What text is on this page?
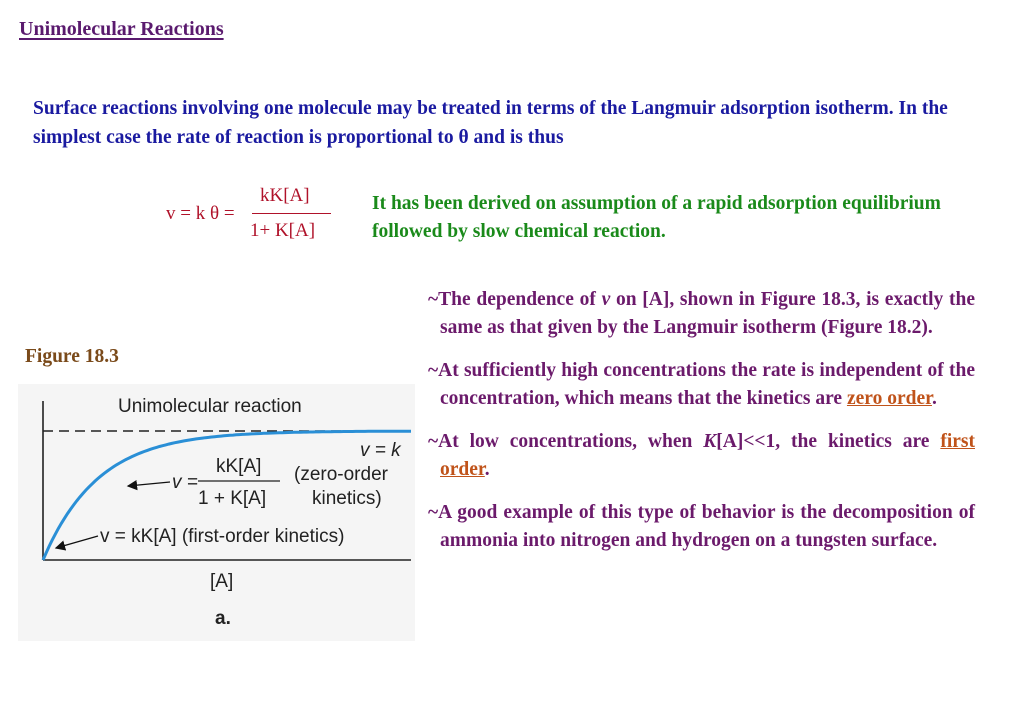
Unimolecular Reactions
Surface reactions involving one molecule may be treated in terms of the Langmuir adsorption isotherm. In the simplest case the rate of reaction is proportional to θ and is thus
v = k θ =
kK[A]
1+ K[A]
It has been derived on assumption of a rapid adsorption equilibrium followed by slow chemical reaction.
~The dependence of v on [A], shown in Figure 18.3, is exactly the same as that given by the Langmuir isotherm (Figure 18.2).
~At sufficiently high concentrations the rate is independent of the concentration, which means that the kinetics are zero order.
~At low concentrations, when K[A]<<1, the kinetics are first order.
~A good example of this type of behavior is the decomposition of ammonia into nitrogen and hydrogen on a tungsten surface.
Figure 18.3
Unimolecular reaction
v = k
v =
kK[A]
1 + K[A]
(zero-order
kinetics)
v = kK[A] (first-order kinetics)
[A]
a.
